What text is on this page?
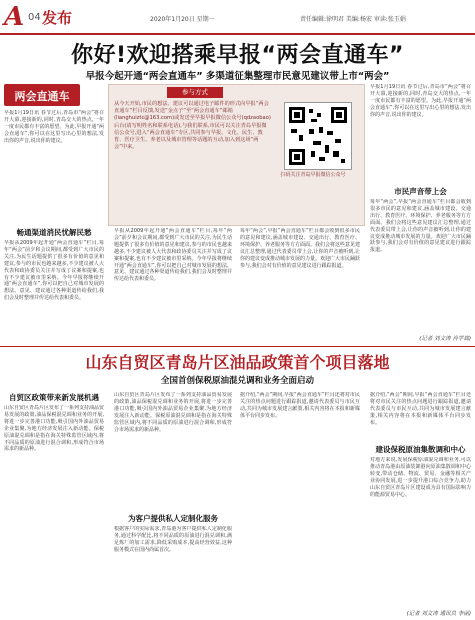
A 04 发布	2020年1月20日 星期一	责任编辑:徐明君 美编:杨宏 审读:张玉娟
你好!欢迎搭乘早报“两会直通车”
早报今起开通“两会直通车” 多渠道征集整理市民意见建议带上市“两会”
两会直通车	参与方式
从今天开始,市民的想法、建议可以通过电子邮件的形式向早报“两会直通车”栏目反馈,发送“金点子”至“两会直通车”邮箱(lianghuiztc@163.com)或发送至早报早报微信公众号(qdzaobao)后台(请写明姓名和联系电话),与我们联系,市民可以关注青岛早报微信公众号,进入“两会直通车”专区,共同参与早报、文化、民生、教育、医疗卫生、养老以及城市管理等话题的互动,加入到这场“两会”中来。
扫码关注青岛早报微信公众号
早报1月19日讯 春节过后,青岛市“两会”将召开大幕,迎接新的,同时,青岛交大的热点,一年一度市民都有丰富的愿望。为此,早报开通“两会直通车”,你可以在这里写出心里的想法,发出你的声音,说出你的建议。
畅通渠道消民忧解民愁
早报从2009年起开通“两会直通车”栏目,每年“两会”前夕和会议期间,都受到广大市民的关注,为民生话题提供了很多有价值的意见和建议,参与的市民也越来越多,不少建议被人大代表和政协委员关注并写成了议案和提案,也有不少建议被市里采纳。今年早报将继续开通“两会直通车”,你可以把自己对城市发展的想法、意见、建议通过各种渠道传给我们,我们会及时整理并传达给代表和委员。
早报从2009年起开通“两会直通车”栏目,每年“两会”前夕和会议期间,都受到广大市民的关注,为民生话题提供了很多有价值的意见和建议,参与的市民也越来越多,不少建议被人大代表和政协委员关注并写成了议案和提案,也有不少建议被市里采纳。今年早报将继续开通“两会直通车”,你可以把自己对城市发展的想法、意见、建议通过各种渠道传给我们,我们会及时整理并传达给代表和委员。
每年“两会”,早报“两会直通车”栏目都会收到很多市民的意见和建议,涵盖城市建设、交通出行、教育医疗、环境保护、养老服务等方方面面。我们会将这些意见建议汇总整理,通过代表委员带上会,让你的声音被听到,让你的建议变成推动城市发展的力量。欢迎广大市民踊跃参与,我们会对有价值的意见建议进行跟踪报道。
早报1月19日讯 春节过后,青岛市“两会”将召开大幕,迎接新的,同时,青岛交大的热点,一年一度市民都有丰富的愿望。为此,早报开通“两会直通车”,你可以在这里写出心里的想法,发出你的声音,说出你的建议。
市民声音带上会
每年“两会”,早报“两会直通车”栏目都会收到很多市民的意见和建议,涵盖城市建设、交通出行、教育医疗、环境保护、养老服务等方方面面。我们会将这些意见建议汇总整理,通过代表委员带上会,让你的声音被听到,让你的建议变成推动城市发展的力量。欢迎广大市民踊跃参与,我们会对有价值的意见建议进行跟踪报道。
(记者 刘文涛 肖学嵩)
山东自贸区青岛片区油品政策首个项目落地
全国首创保税原油混兑调和业务全面启动
自贸区政策带来新发展机遇
山东自贸区青岛片区发布了一系列支持油品贸易发展的政策,油品保税混兑调和业务的开展,将进一步完善港口功能,吸引国内外油品贸易企业集聚,为地方经济发展注入新动能。保税原油混兑调和是指在海关特殊监管区域内,将不同品质的原油进行混合调和,形成符合市场需求的新品种。
山东自贸区青岛片区发布了一系列支持油品贸易发展的政策,油品保税混兑调和业务的开展,将进一步完善港口功能,吸引国内外油品贸易企业集聚,为地方经济发展注入新动能。保税原油混兑调和是指在海关特殊监管区域内,将不同品质的原油进行混合调和,形成符合市场需求的新品种。
为客户提供私人定制化服务
根据客户的实际需求,青岛港为客户提供私人定制化服务,通过科学配比,将不同品质的原油进行混兑调和,满足炼厂的加工需求,降低采购成本,提高经营效益,这种服务模式在国内尚属首次。
据介绍,“两会”期间,早报“两会直通车”栏目还将对市民关注的热点问题进行跟踪报道,邀请代表委员与市民互动,共同为城市发展建言献策,相关内容将在本报和新媒体平台同步发布。
据介绍,“两会”期间,早报“两会直通车”栏目还将对市民关注的热点问题进行跟踪报道,邀请代表委员与市民互动,共同为城市发展建言献策,相关内容将在本报和新媒体平台同步发布。
建设保税原油集散调和中心
对地方来说,发展保税原油混兑调和业务,可以推动青岛港由原油装卸港向原油集散调和中心转变,带动仓储、物流、贸易、金融等相关产业协同发展,进一步提升港口综合竞争力,助力山东自贸区青岛片区建设成为具有国际影响力的能源贸易中心。
(记者 刘文涛 通讯员 李丽)
